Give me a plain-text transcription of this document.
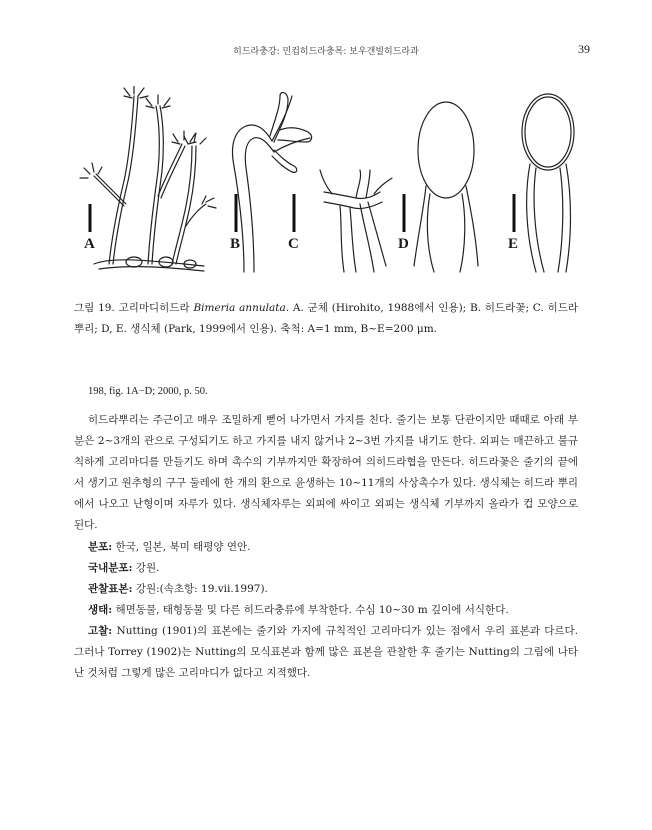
히드라충강: 민컵히드라충목: 보우갠빌히드라과	39
A	B	C	D	E
그림 19. 고리마디히드라 Bimeria annulata. A. 군체 (Hirohito, 1988에서 인용); B. 히드라꽃; C. 히드라뿌리; D, E. 생식체 (Park, 1999에서 인용). 축척: A=1 mm, B~E=200 μm.
198, fig. 1A−D; 2000, p. 50.
히드라뿌리는 주근이고 매우 조밀하게 뻗어 나가면서 가지를 친다. 줄기는 보통 단관이지만 때때로 아래 부분은 2~3개의 관으로 구성되기도 하고 가지를 내지 않거나 2~3번 가지를 내기도 한다. 외피는 매끈하고 불규칙하게 고리마디를 만들기도 하며 촉수의 기부까지만 확장하여 의히드라협을 만든다. 히드라꽃은 줄기의 끝에서 생기고 원추형의 구구 둘레에 한 개의 환으로 윤생하는 10~11개의 사상촉수가 있다. 생식체는 히드라 뿌리에서 나오고 난형이며 자루가 있다. 생식체자루는 외피에 싸이고 외피는 생식체 기부까지 올라가 컵 모양으로 된다.
분포: 한국, 일본, 북미 태평양 연안.
국내분포: 강원.
관찰표본: 강원:(속초항: 19.vii.1997).
생태: 해면동물, 태형동물 및 다른 히드라충류에 부착한다. 수심 10~30 m 깊이에 서식한다.
고찰: Nutting (1901)의 표본에는 줄기와 가지에 규칙적인 고리마디가 있는 점에서 우리 표본과 다르다. 그러나 Torrey (1902)는 Nutting의 모식표본과 함께 많은 표본을 관찰한 후 줄기는 Nutting의 그림에 나타난 것처럼 그렇게 많은 고리마디가 없다고 지적했다.
